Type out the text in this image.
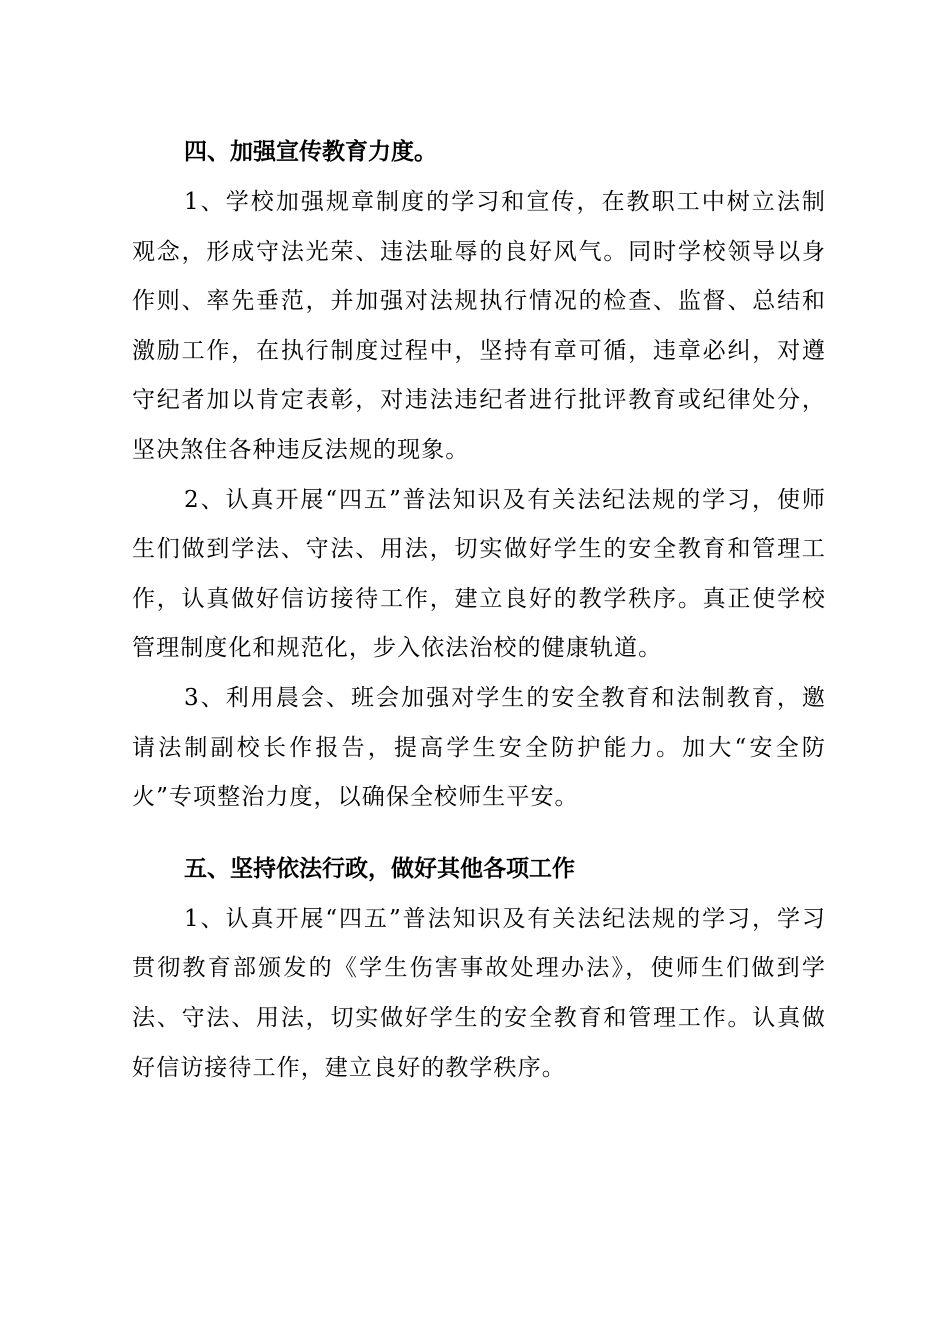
四、加强宣传教育力度。

1、学校加强规章制度的学习和宣传，在教职工中树立法制观念，形成守法光荣、违法耻辱的良好风气。同时学校领导以身作则、率先垂范，并加强对法规执行情况的检查、监督、总结和激励工作，在执行制度过程中，坚持有章可循，违章必纠，对遵守纪者加以肯定表彰，对违法违纪者进行批评教育或纪律处分，坚决煞住各种违反法规的现象。

2、认真开展“四五”普法知识及有关法纪法规的学习，使师生们做到学法、守法、用法，切实做好学生的安全教育和管理工作，认真做好信访接待工作，建立良好的教学秩序。真正使学校管理制度化和规范化，步入依法治校的健康轨道。

3、利用晨会、班会加强对学生的安全教育和法制教育，邀请法制副校长作报告，提高学生安全防护能力。加大“安全防火”专项整治力度，以确保全校师生平安。

五、坚持依法行政，做好其他各项工作

1、认真开展“四五”普法知识及有关法纪法规的学习，学习贯彻教育部颁发的《学生伤害事故处理办法》，使师生们做到学法、守法、用法，切实做好学生的安全教育和管理工作。认真做好信访接待工作，建立良好的教学秩序。
